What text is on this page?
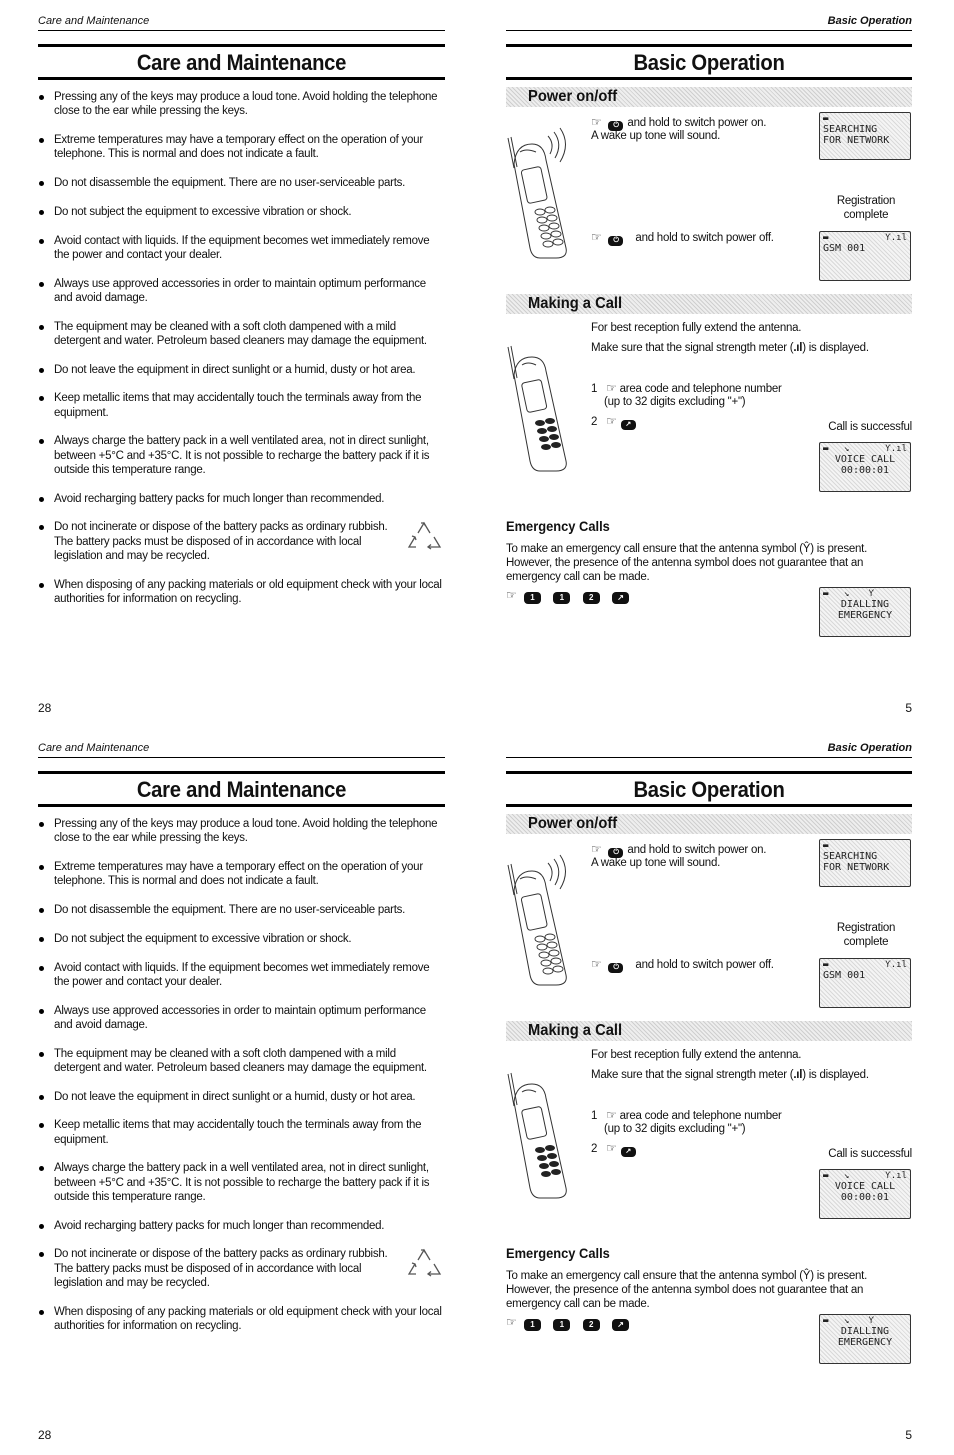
Care and Maintenance
Care and Maintenance
Pressing any of the keys may produce a loud tone. Avoid holding the telephone close to the ear while pressing the keys.
Extreme temperatures may have a temporary effect on the operation of your telephone. This is normal and does not indicate a fault.
Do not disassemble the equipment. There are no user-serviceable parts.
Do not subject the equipment to excessive vibration or shock.
Avoid contact with liquids. If the equipment becomes wet immediately remove the power and contact your dealer.
Always use approved accessories in order to maintain optimum performance and avoid damage.
The equipment may be cleaned with a soft cloth dampened with a mild detergent and water. Petroleum based cleaners may damage the equipment.
Do not leave the equipment in direct sunlight or a humid, dusty or hot area.
Keep metallic items that may accidentally touch the terminals away from the equipment.
Always charge the battery pack in a well ventilated area, not in direct sunlight, between +5°C and +35°C. It is not possible to recharge the battery pack if it is outside this temperature range.
Avoid recharging battery packs for much longer than recommended.
Do not incinerate or dispose of the battery packs as ordinary rubbish. The battery packs must be disposed of in accordance with local legislation and may be recycled.
When disposing of any packing materials or old equipment check with your local authorities for information on recycling.
28
Basic Operation
Basic Operation
Power on/off
☞ ⏻ and hold to switch power on.
A wake up tone will sound.
▬
SEARCHING
FOR NETWORK
Registration
complete
☞ ⏻ and hold to switch power off.	▬	Ƴ.ıl
GSM 001
Making a Call
For best reception fully extend the antenna.
Make sure that the signal strength meter (.ıl) is displayed.
1 ☞ area code and telephone number
(up to 32 digits excluding "+")
2 ☞ ↗	Call is successful
▬ ↘	Ƴ.ıl
VOICE CALL
00:00:01
Emergency Calls
To make an emergency call ensure that the antenna symbol (Ŷ) is present. However, the presence of the antenna symbol does not guarantee that an emergency call can be made.
☞ 1	1	2	↗	▬ ↘ Ƴ
DIALLING
EMERGENCY
5
Care and Maintenance
Care and Maintenance
Pressing any of the keys may produce a loud tone. Avoid holding the telephone close to the ear while pressing the keys.
Extreme temperatures may have a temporary effect on the operation of your telephone. This is normal and does not indicate a fault.
Do not disassemble the equipment. There are no user-serviceable parts.
Do not subject the equipment to excessive vibration or shock.
Avoid contact with liquids. If the equipment becomes wet immediately remove the power and contact your dealer.
Always use approved accessories in order to maintain optimum performance and avoid damage.
The equipment may be cleaned with a soft cloth dampened with a mild detergent and water. Petroleum based cleaners may damage the equipment.
Do not leave the equipment in direct sunlight or a humid, dusty or hot area.
Keep metallic items that may accidentally touch the terminals away from the equipment.
Always charge the battery pack in a well ventilated area, not in direct sunlight, between +5°C and +35°C. It is not possible to recharge the battery pack if it is outside this temperature range.
Avoid recharging battery packs for much longer than recommended.
Do not incinerate or dispose of the battery packs as ordinary rubbish. The battery packs must be disposed of in accordance with local legislation and may be recycled.
When disposing of any packing materials or old equipment check with your local authorities for information on recycling.
28
Basic Operation
Basic Operation
Power on/off
☞ ⏻ and hold to switch power on.
A wake up tone will sound.
▬
SEARCHING
FOR NETWORK
Registration
complete
☞ ⏻ and hold to switch power off.	▬	Ƴ.ıl
GSM 001
Making a Call
For best reception fully extend the antenna.
Make sure that the signal strength meter (.ıl) is displayed.
1 ☞ area code and telephone number
(up to 32 digits excluding "+")
2 ☞ ↗	Call is successful
▬ ↘	Ƴ.ıl
VOICE CALL
00:00:01
Emergency Calls
To make an emergency call ensure that the antenna symbol (Ŷ) is present. However, the presence of the antenna symbol does not guarantee that an emergency call can be made.
☞ 1	1	2	↗	▬ ↘ Ƴ
DIALLING
EMERGENCY
5
